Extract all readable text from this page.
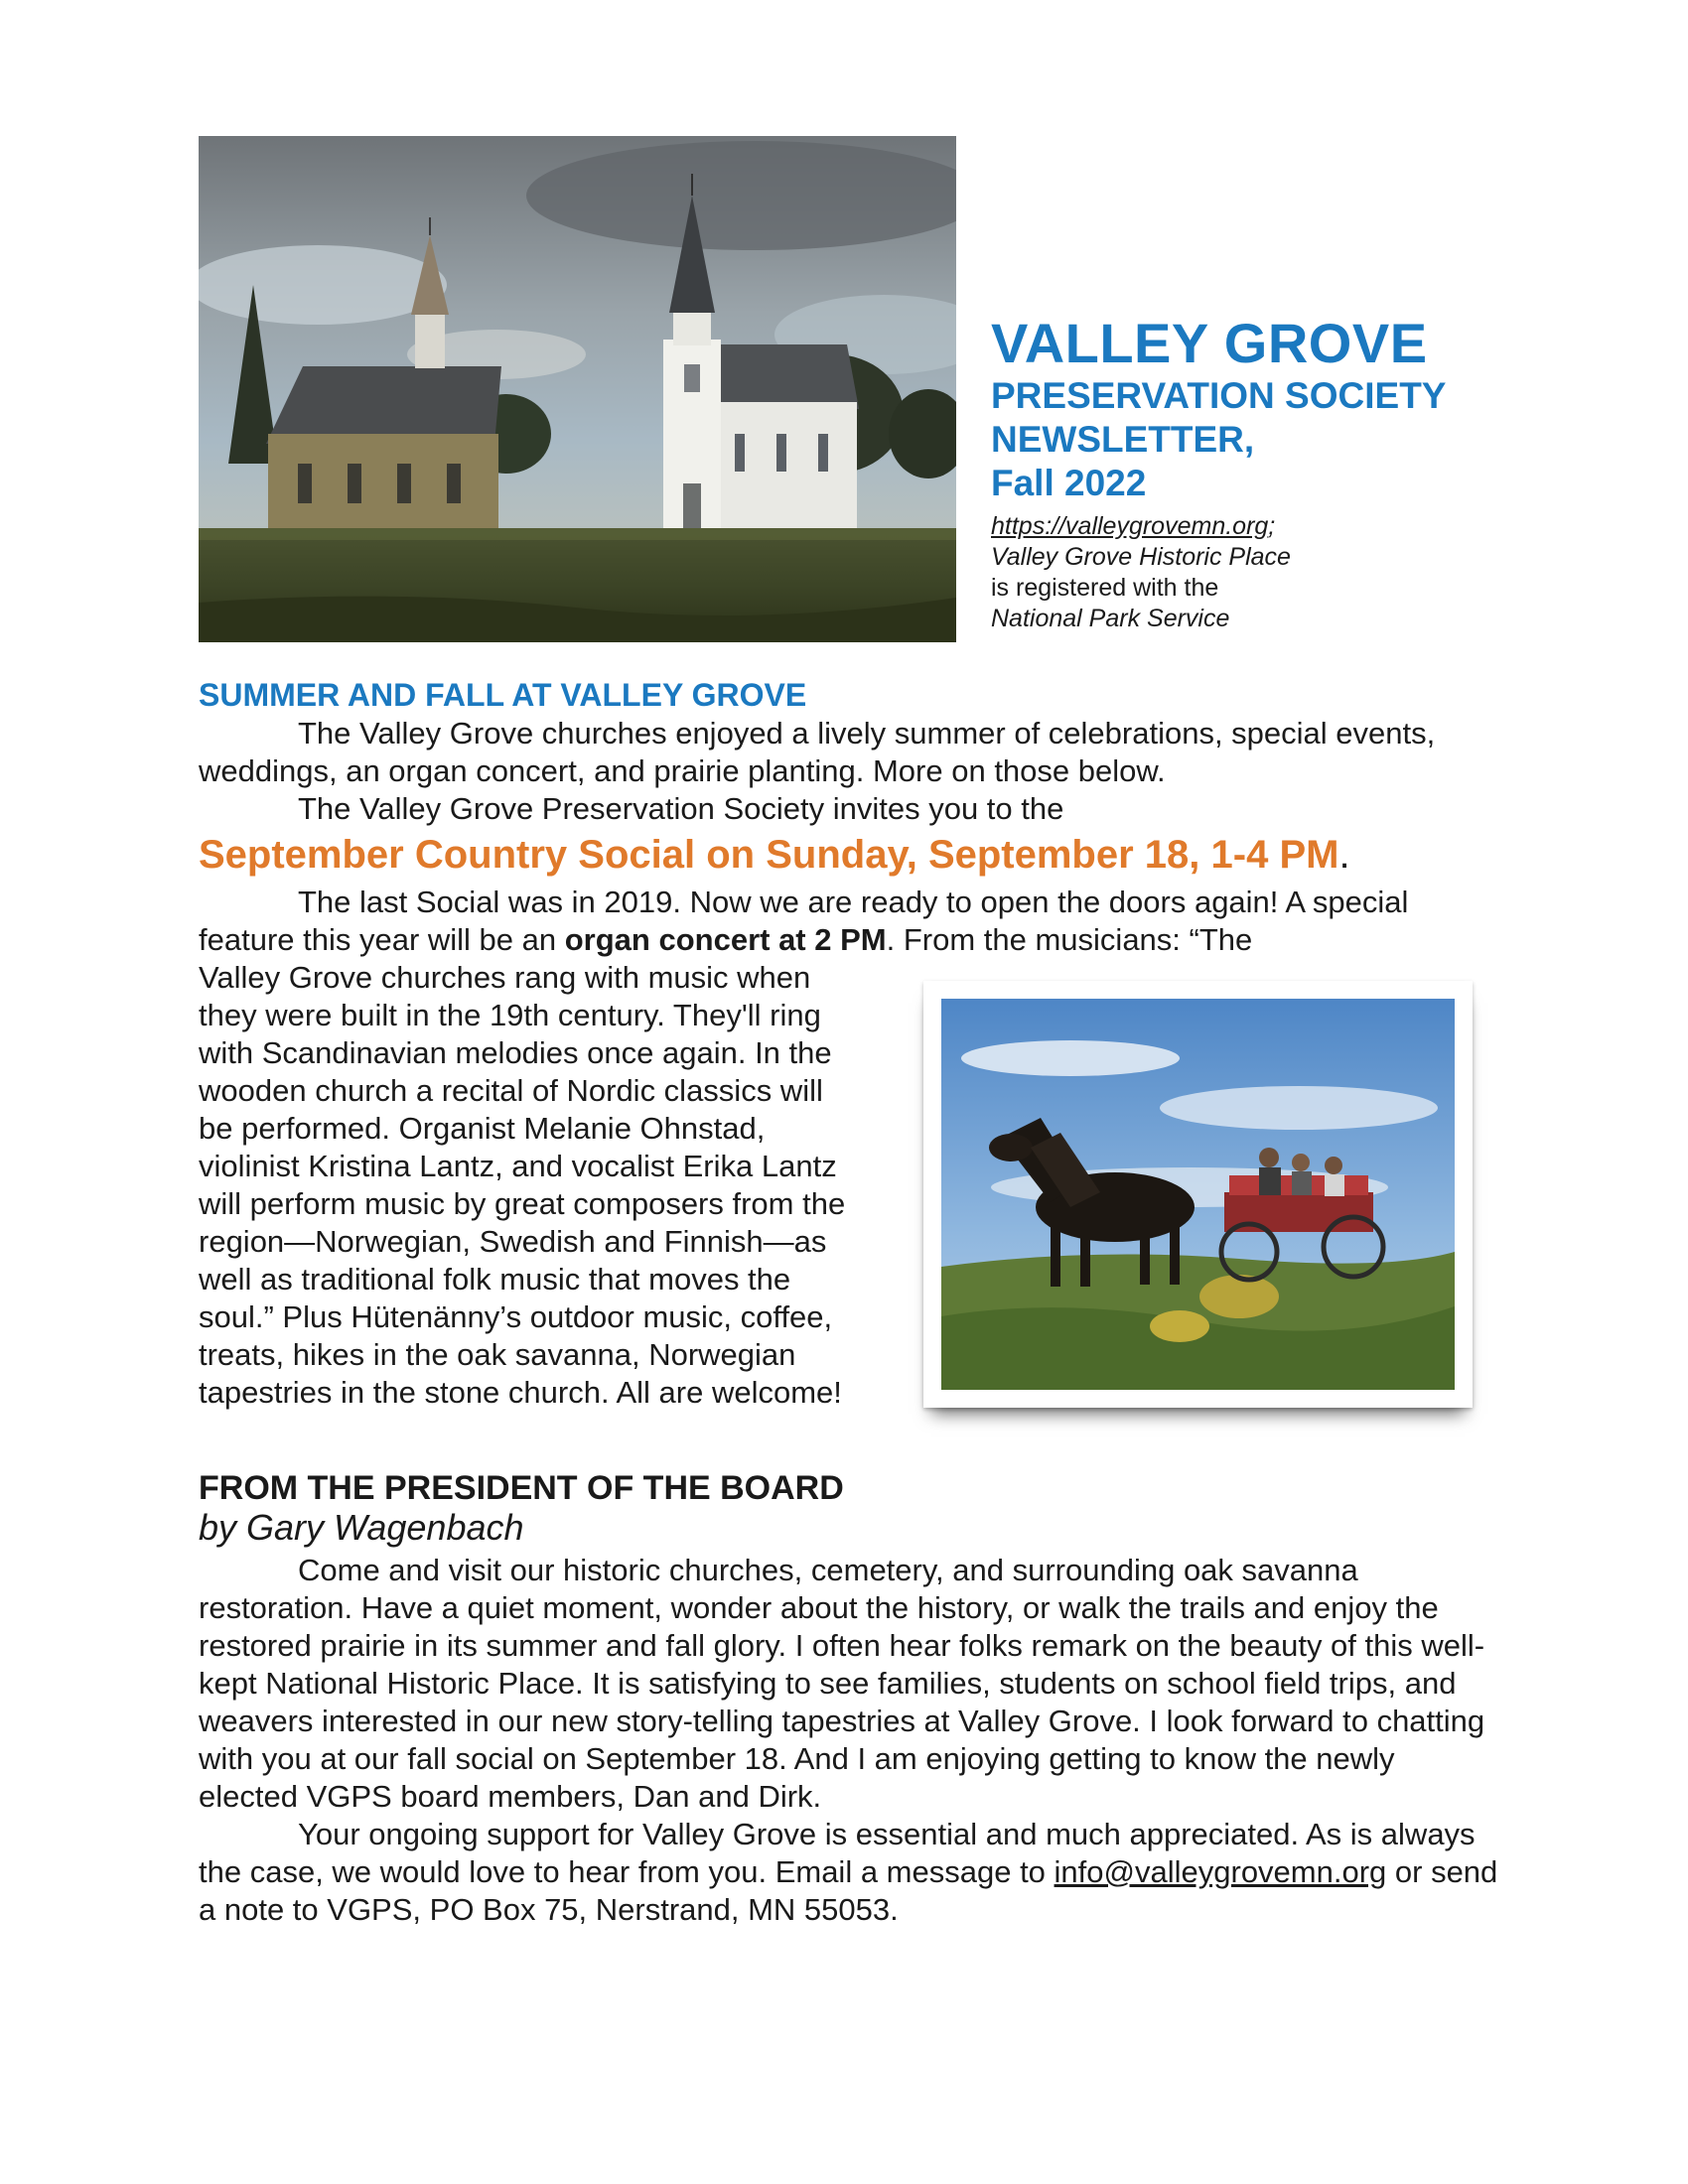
VALLEY GROVE
PRESERVATION SOCIETY
NEWSLETTER,
Fall 2022
https://valleygrovemn.org;
Valley Grove Historic Place
is registered with the
National Park Service
SUMMER AND FALL AT VALLEY GROVE
The Valley Grove churches enjoyed a lively summer of celebrations, special events, weddings, an organ concert, and prairie planting. More on those below.
The Valley Grove Preservation Society invites you to the
September Country Social on Sunday, September 18, 1-4 PM.
The last Social was in 2019. Now we are ready to open the doors again! A special feature this year will be an organ concert at 2 PM. From the musicians: “The
Valley Grove churches rang with music when
they were built in the 19th century. They'll ring
with Scandinavian melodies once again. In the
wooden church a recital of Nordic classics will
be performed. Organist Melanie Ohnstad,
violinist Kristina Lantz, and vocalist Erika Lantz
will perform music by great composers from the
region—Norwegian, Swedish and Finnish—as
well as traditional folk music that moves the
soul.” Plus Hütenänny’s outdoor music, coffee,
treats, hikes in the oak savanna, Norwegian
tapestries in the stone church. All are welcome!
FROM THE PRESIDENT OF THE BOARD
by Gary Wagenbach
Come and visit our historic churches, cemetery, and surrounding oak savanna restoration. Have a quiet moment, wonder about the history, or walk the trails and enjoy the restored prairie in its summer and fall glory. I often hear folks remark on the beauty of this well-kept National Historic Place. It is satisfying to see families, students on school field trips, and weavers interested in our new story-telling tapestries at Valley Grove. I look forward to chatting with you at our fall social on September 18. And I am enjoying getting to know the newly elected VGPS board members, Dan and Dirk.
Your ongoing support for Valley Grove is essential and much appreciated. As is always the case, we would love to hear from you. Email a message to info@valleygrovemn.org or send a note to VGPS, PO Box 75, Nerstrand, MN 55053.
